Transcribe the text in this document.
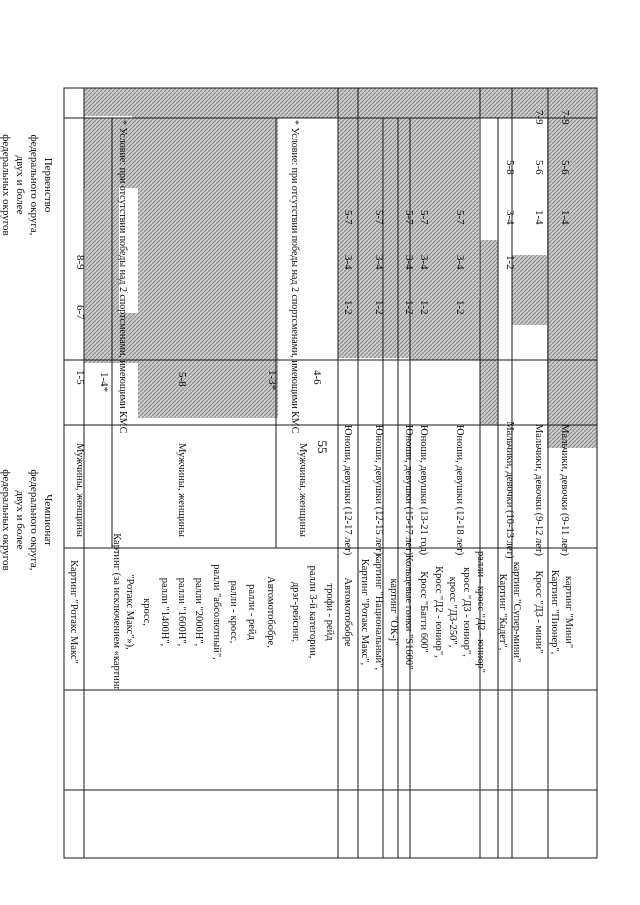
55
1-5
6-7
8-9
Картинг "Ротакс Макс"
Мужчины, женщины
1-4* * Условие: при отсутствии победы над 2 спортсменами, имеющими КМС
Картинг (за исключением «картинг "Ротакс Макс"»), кросс, ралли "1400Н", ралли "1600Н", ралли "2000Н", ралли "абсолютный", ралли - кросс, ралли - рейд
Мужчины, женщины
5-8
Автомотобобре, дрэг-рейсинг, ралли 3-й категории, трофи - рейд
Мужчины, женщины
1-3* * Условие: при отсутствии победы над 2 спортсменами, имеющими КМС 4-6
Автомотобобре
Юноши, девушки (12-17 лет)
1-2
3-4
5-7
Картинг "Ротакс Макс", картинг "Национальный", картинг "ОК-j"
Юноши, девушки (12-15 лет)
1-2
3-4
5-7
Кольцевые гонки "S1600"
Юноши, девушки (15-17 лет)
1-2
3-4
5-7
Кросс "Багги 600"
Юноши, девушки (13-21 год)
1-2
3-4
5-7
Кросс "Д2 - юниор", кросс "Д3-250", кросс "Д3 - юниор", ралли - кросс "Д2 - юниор"
Юноши, девушки (12-18 лет)
1-2
3-4
5-7
Картинг "Кадет", картинг "Супер-мини"
Мальчики, девочки (10-13 лет)
1-2
3-4
5-8
Кросс "Д3 - мини"
Мальчики, девочки (9-12 лет)
1-4
5-6
7-9
Картинг "Пионер", картинг "Мини"
Мальчики, девочки (9-11 лет)
1-4
5-6
7-9
Чемпионат
федерального округа,
двух и более
федеральных округов
Первенство
федерального округа,
двух и более
федеральных округов
